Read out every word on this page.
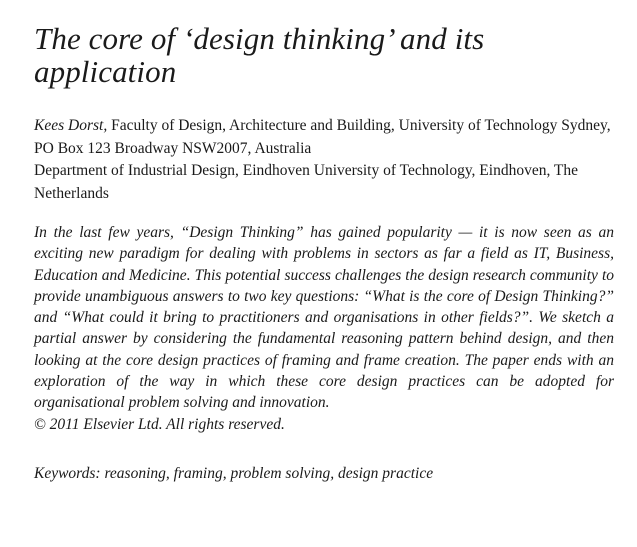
The core of ‘design thinking’ and its application
Kees Dorst, Faculty of Design, Architecture and Building, University of Technology Sydney, PO Box 123 Broadway NSW2007, Australia
Department of Industrial Design, Eindhoven University of Technology, Eindhoven, The Netherlands

In the last few years, “Design Thinking” has gained popularity — it is now seen as an exciting new paradigm for dealing with problems in sectors as far a field as IT, Business, Education and Medicine. This potential success challenges the design research community to provide unambiguous answers to two key questions: “What is the core of Design Thinking?” and “What could it bring to practitioners and organisations in other fields?”. We sketch a partial answer by considering the fundamental reasoning pattern behind design, and then looking at the core design practices of framing and frame creation. The paper ends with an exploration of the way in which these core design practices can be adopted for organisational problem solving and innovation.

© 2011 Elsevier Ltd. All rights reserved.

Keywords: reasoning, framing, problem solving, design practice
